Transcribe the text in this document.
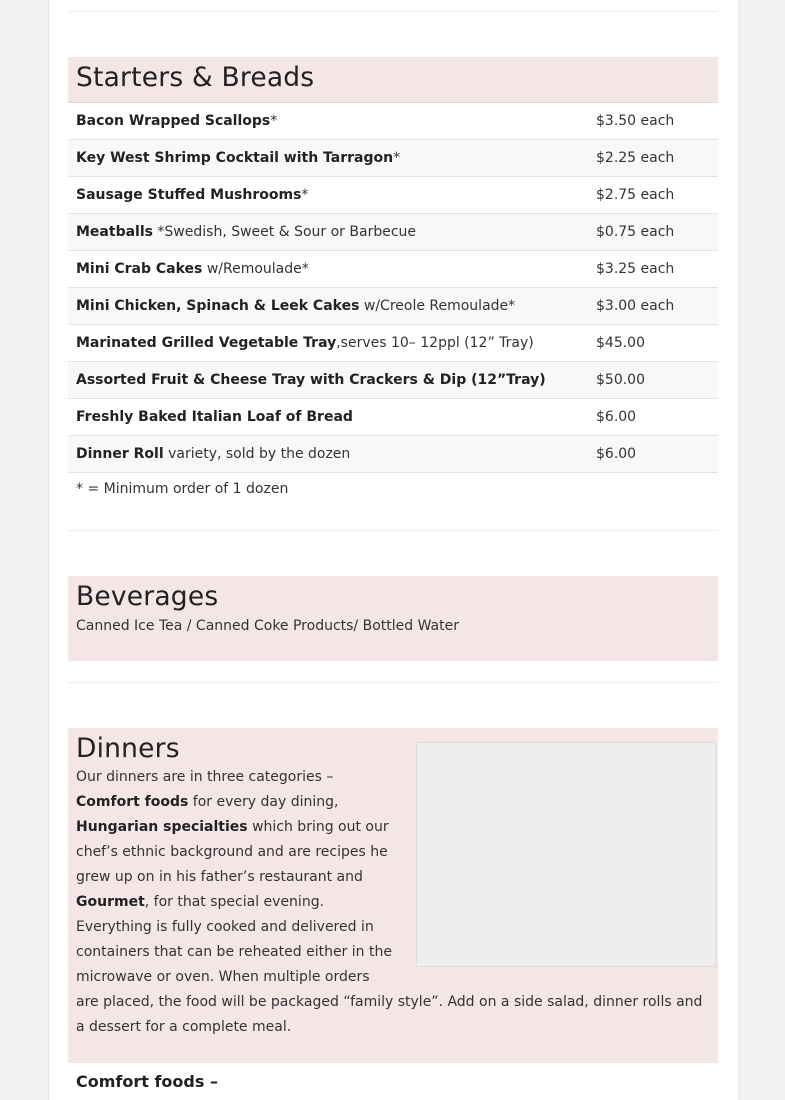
Starters & Breads
Bacon Wrapped Scallops*	$3.50 each
Key West Shrimp Cocktail with Tarragon*	$2.25 each
Sausage Stuffed Mushrooms*	$2.75 each
Meatballs *Swedish, Sweet & Sour or Barbecue	$0.75 each
Mini Crab Cakes w/Remoulade*	$3.25 each
Mini Chicken, Spinach & Leek Cakes w/Creole Remoulade*	$3.00 each
Marinated Grilled Vegetable Tray,serves 10– 12ppl (12” Tray)	$45.00
Assorted Fruit & Cheese Tray with Crackers & Dip (12”Tray)	$50.00
Freshly Baked Italian Loaf of Bread	$6.00
Dinner Roll variety, sold by the dozen	$6.00
* = Minimum order of 1 dozen
Beverages
Canned Ice Tea / Canned Coke Products/ Bottled Water
Dinners

Our dinners are in three categories – Comfort foods for every day dining, Hungarian specialties which bring out our chef’s ethnic background and are recipes he grew up on in his father’s restaurant and Gourmet, for that special evening. Everything is fully cooked and delivered in containers that can be reheated either in the microwave or oven. When multiple orders are placed, the food will be packaged “family style”. Add on a side salad, dinner rolls and a dessert for a complete meal.

Comfort foods –
